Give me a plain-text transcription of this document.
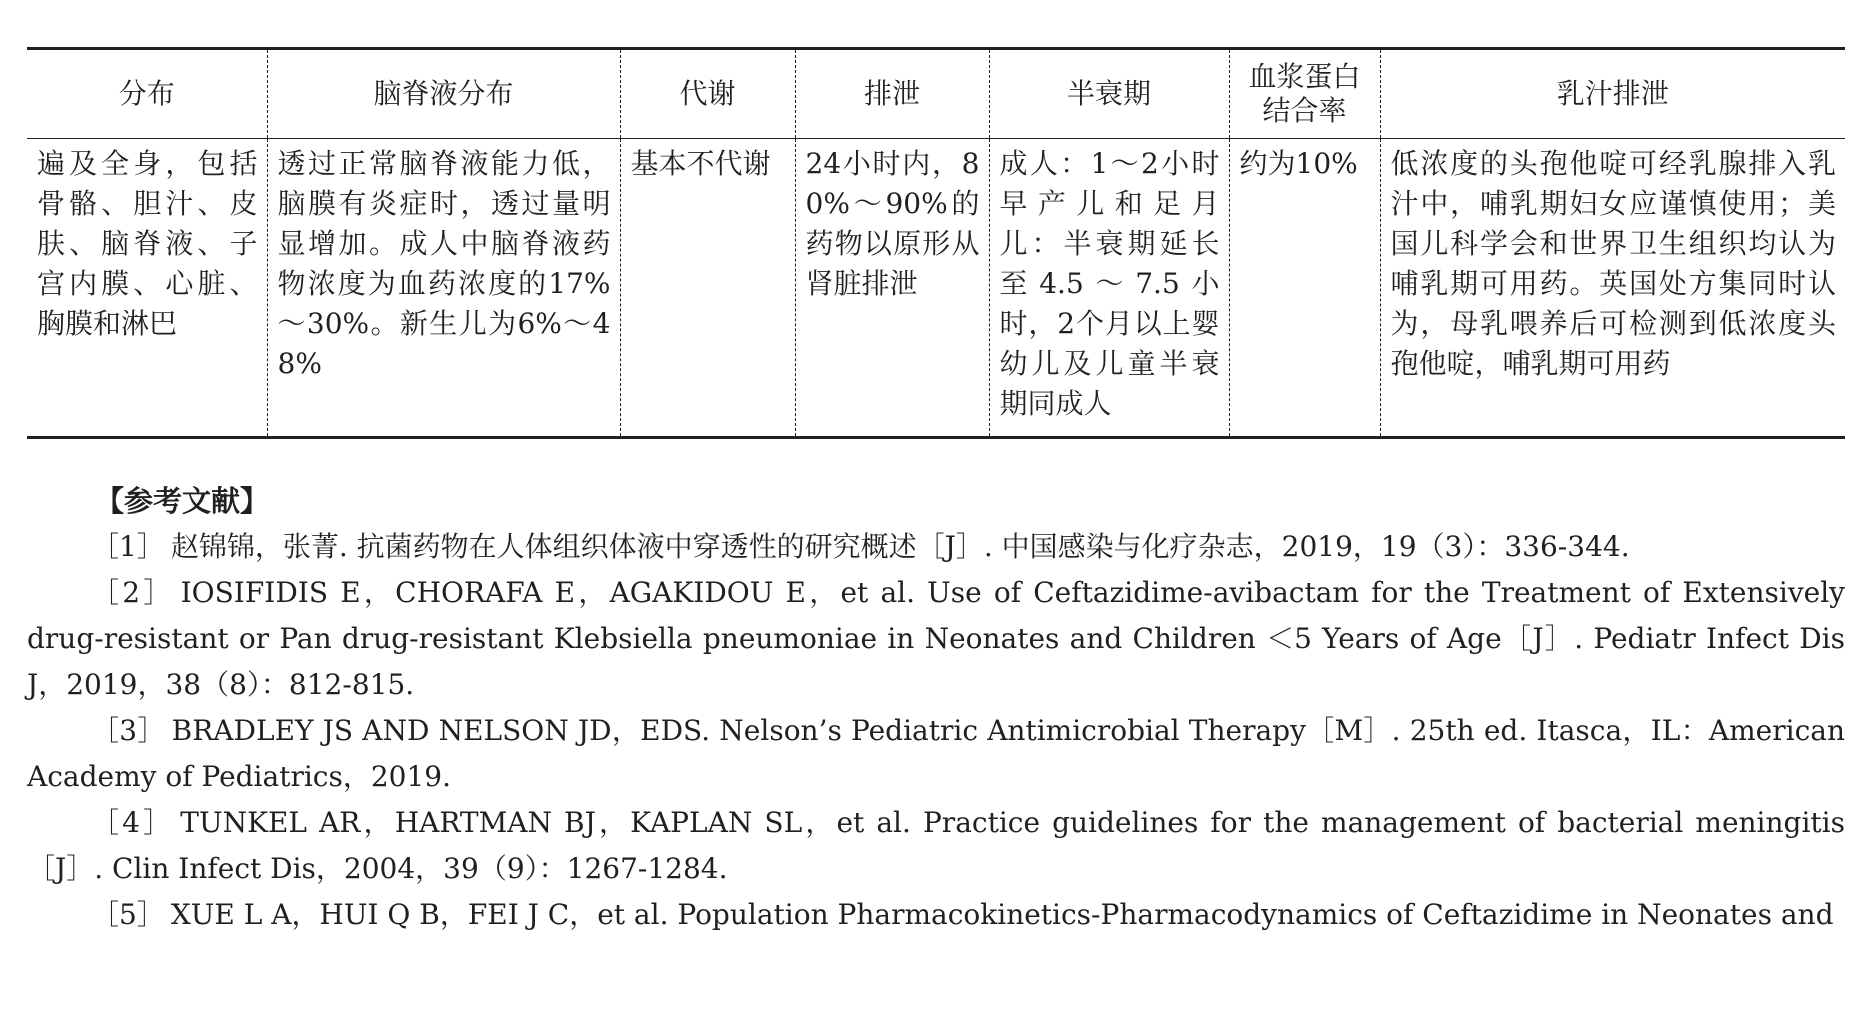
分布	脑脊液分布	代谢	排泄	半衰期	血浆蛋白结合率	乳汁排泄
遍及全身，包括骨骼、胆汁、皮肤、脑脊液、子宫内膜、心脏、胸膜和淋巴	透过正常脑脊液能力低，脑膜有炎症时，透过量明显增加。成人中脑脊液药物浓度为血药浓度的17%～30%。新生儿为6%～48%	基本不代谢	24小时内，80%～90%的药物以原形从肾脏排泄	成人：1～2小时早产儿和足月儿：半衰期延长至4.5～7.5小时，2个月以上婴幼儿及儿童半衰期同成人	约为10%	低浓度的头孢他啶可经乳腺排入乳汁中，哺乳期妇女应谨慎使用；美国儿科学会和世界卫生组织均认为哺乳期可用药。英国处方集同时认为，母乳喂养后可检测到低浓度头孢他啶，哺乳期可用药
【参考文献】

［1］ 赵锦锦，张菁. 抗菌药物在人体组织体液中穿透性的研究概述［J］. 中国感染与化疗杂志，2019，19（3）：336-344.

［2］ IOSIFIDIS E，CHORAFA E，AGAKIDOU E，et al. Use of Ceftazidime-avibactam for the Treatment of Extensively drug-resistant or Pan drug-resistant Klebsiella pneumoniae in Neonates and Children ＜5 Years of Age［J］. Pediatr Infect Dis J，2019，38（8）：812-815.

［3］ BRADLEY JS AND NELSON JD，EDS. Nelson’s Pediatric Antimicrobial Therapy［M］. 25th ed. Itasca，IL：American Academy of Pediatrics，2019.

［4］ TUNKEL AR，HARTMAN BJ，KAPLAN SL，et al. Practice guidelines for the management of bacterial meningitis［J］. Clin Infect Dis，2004，39（9）：1267-1284.

［5］ XUE L A，HUI Q B，FEI J C，et al. Population Pharmacokinetics-Pharmacodynamics of Ceftazidime in Neonates and
